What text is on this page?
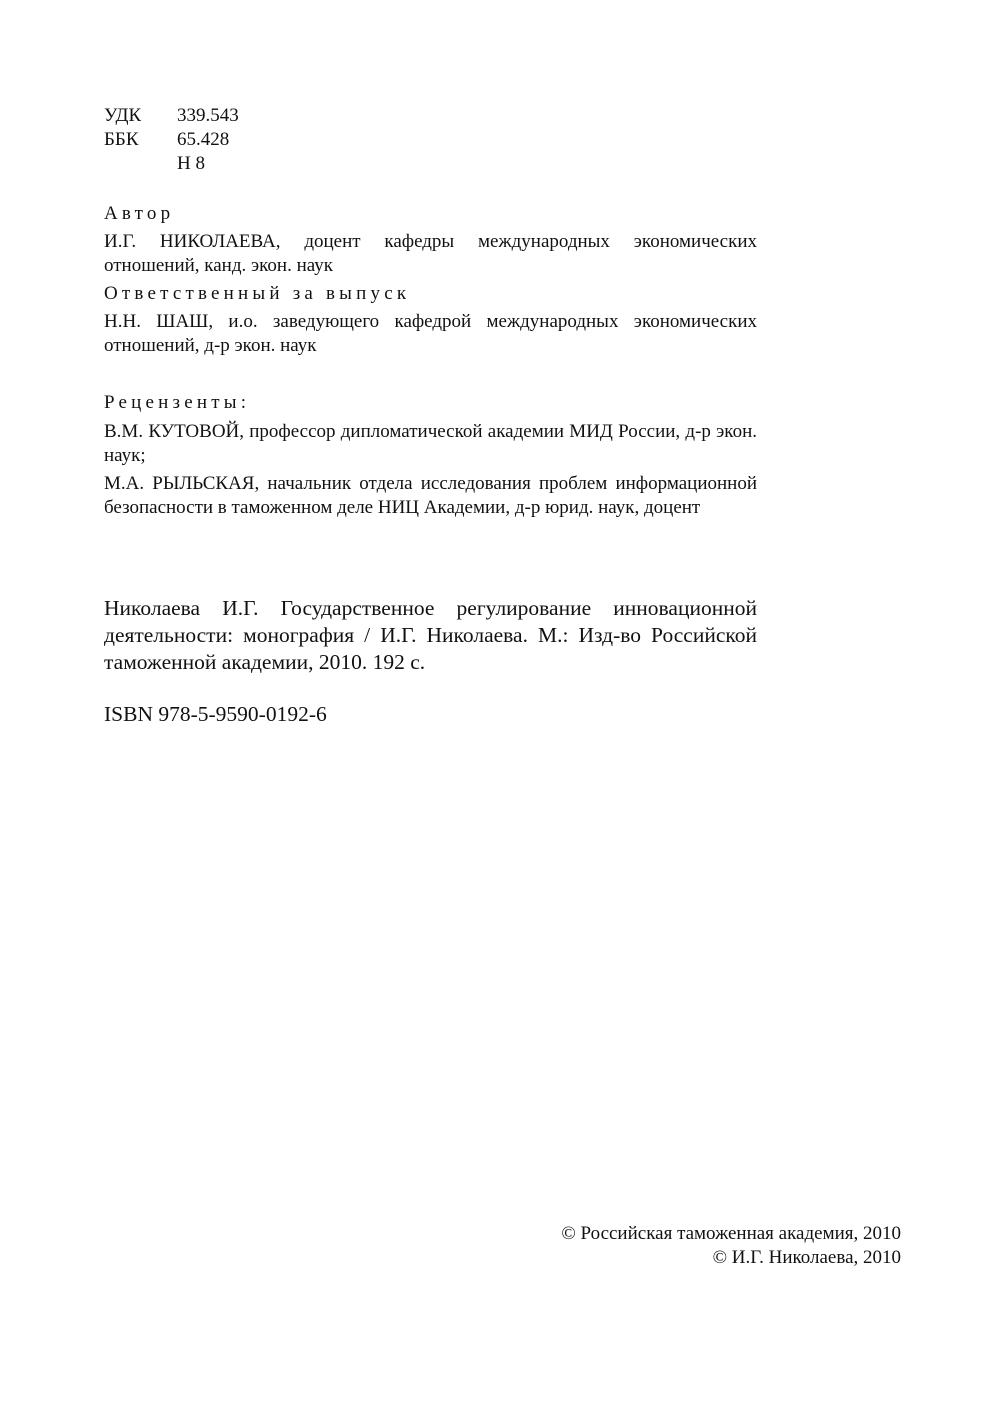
УДК	339.543
ББК	65.428
Н 8

Автор

И.Г. НИКОЛАЕВА, доцент кафедры международных экономических отношений, канд. экон. наук

Ответственный за выпуск

Н.Н. ШАШ, и.о. заведующего кафедрой международных экономических отношений, д-р экон. наук

Рецензенты:

В.М. КУТОВОЙ, профессор дипломатической академии МИД России, д-р экон. наук;

М.А. РЫЛЬСКАЯ, начальник отдела исследования проблем информационной безопасности в таможенном деле НИЦ Академии, д-р юрид. наук, доцент

Николаева И.Г. Государственное регулирование инновационной деятельности: монография / И.Г. Николаева. М.: Изд-во Российской таможенной академии, 2010. 192 с.

ISBN 978-5-9590-0192-6

© Российская таможенная академия, 2010
© И.Г. Николаева, 2010
